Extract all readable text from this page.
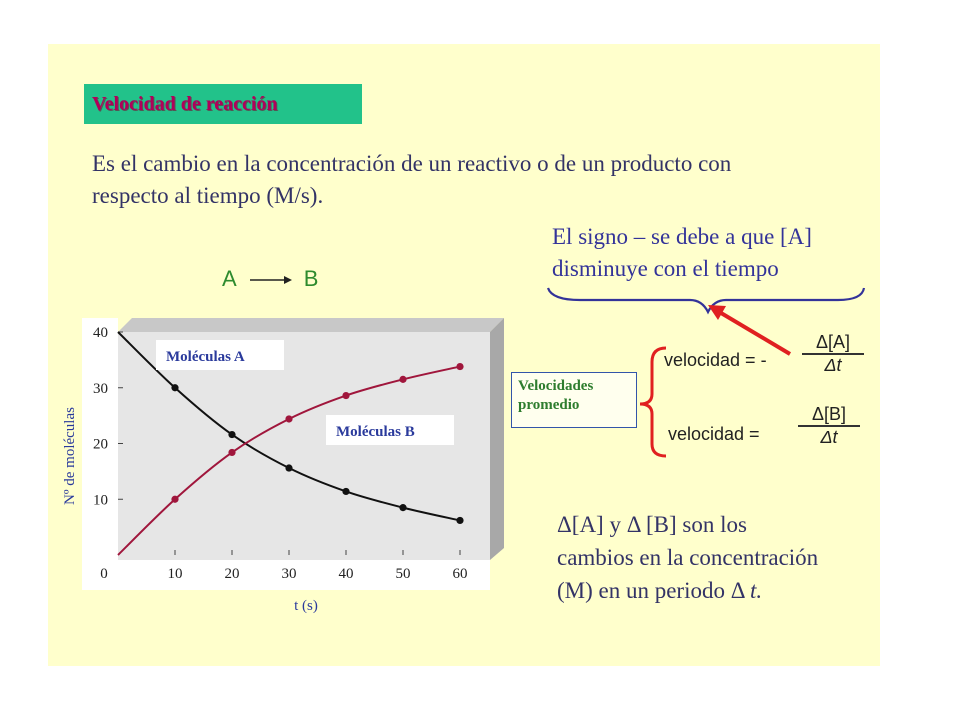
Velocidad de reacción
Es el cambio en la concentración de un reactivo o de un producto con
respecto al tiempo (M/s).
El signo – se debe a que [A]
disminuye con el tiempo
A → B
0	10	20	30	40	50	60
10
20
30
40
Moléculas A
Moléculas B
t (s)
Nº de moléculas
Velocidades
promedio
velocidad = -
Δ[A]
Δt
velocidad =
Δ[B]
Δt
Δ[A] y Δ [B] son los
cambios en la concentración
(M) en un periodo Δ t.
